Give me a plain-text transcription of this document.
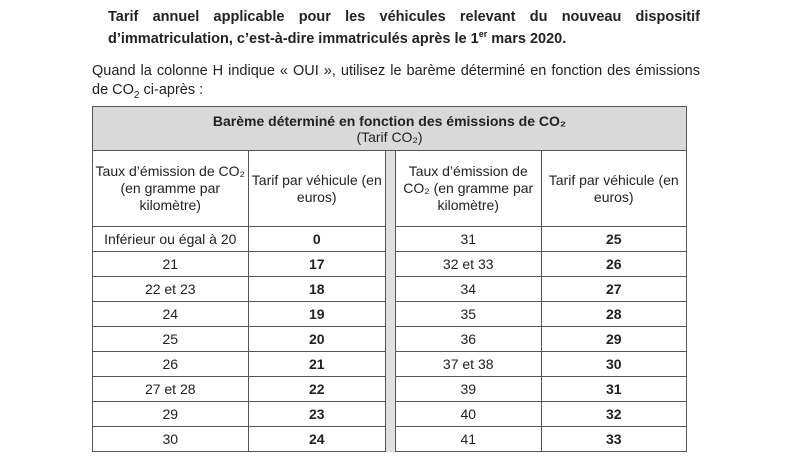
Tarif annuel applicable pour les véhicules relevant du nouveau dispositif d’immatriculation, c’est-à-dire immatriculés après le 1er mars 2020.
Quand la colonne H indique « OUI », utilisez le barème déterminé en fonction des émissions de $CO_2$ ci-après :
Barème déterminé en fonction des émissions de CO₂
(Tarif CO₂)				
Taux d’émission de CO₂ (en gramme par kilomètre)	Tarif par véhicule (en euros)		Taux d’émission de CO₂ (en gramme par kilomètre)	Tarif par véhicule (en euros)
Inférieur ou égal à 20	0		31	25
21	17		32 et 33	26
22 et 23	18		34	27
24	19		35	28
25	20		36	29
26	21		37 et 38	30
27 et 28	22		39	31
29	23		40	32
30	24		41	33
